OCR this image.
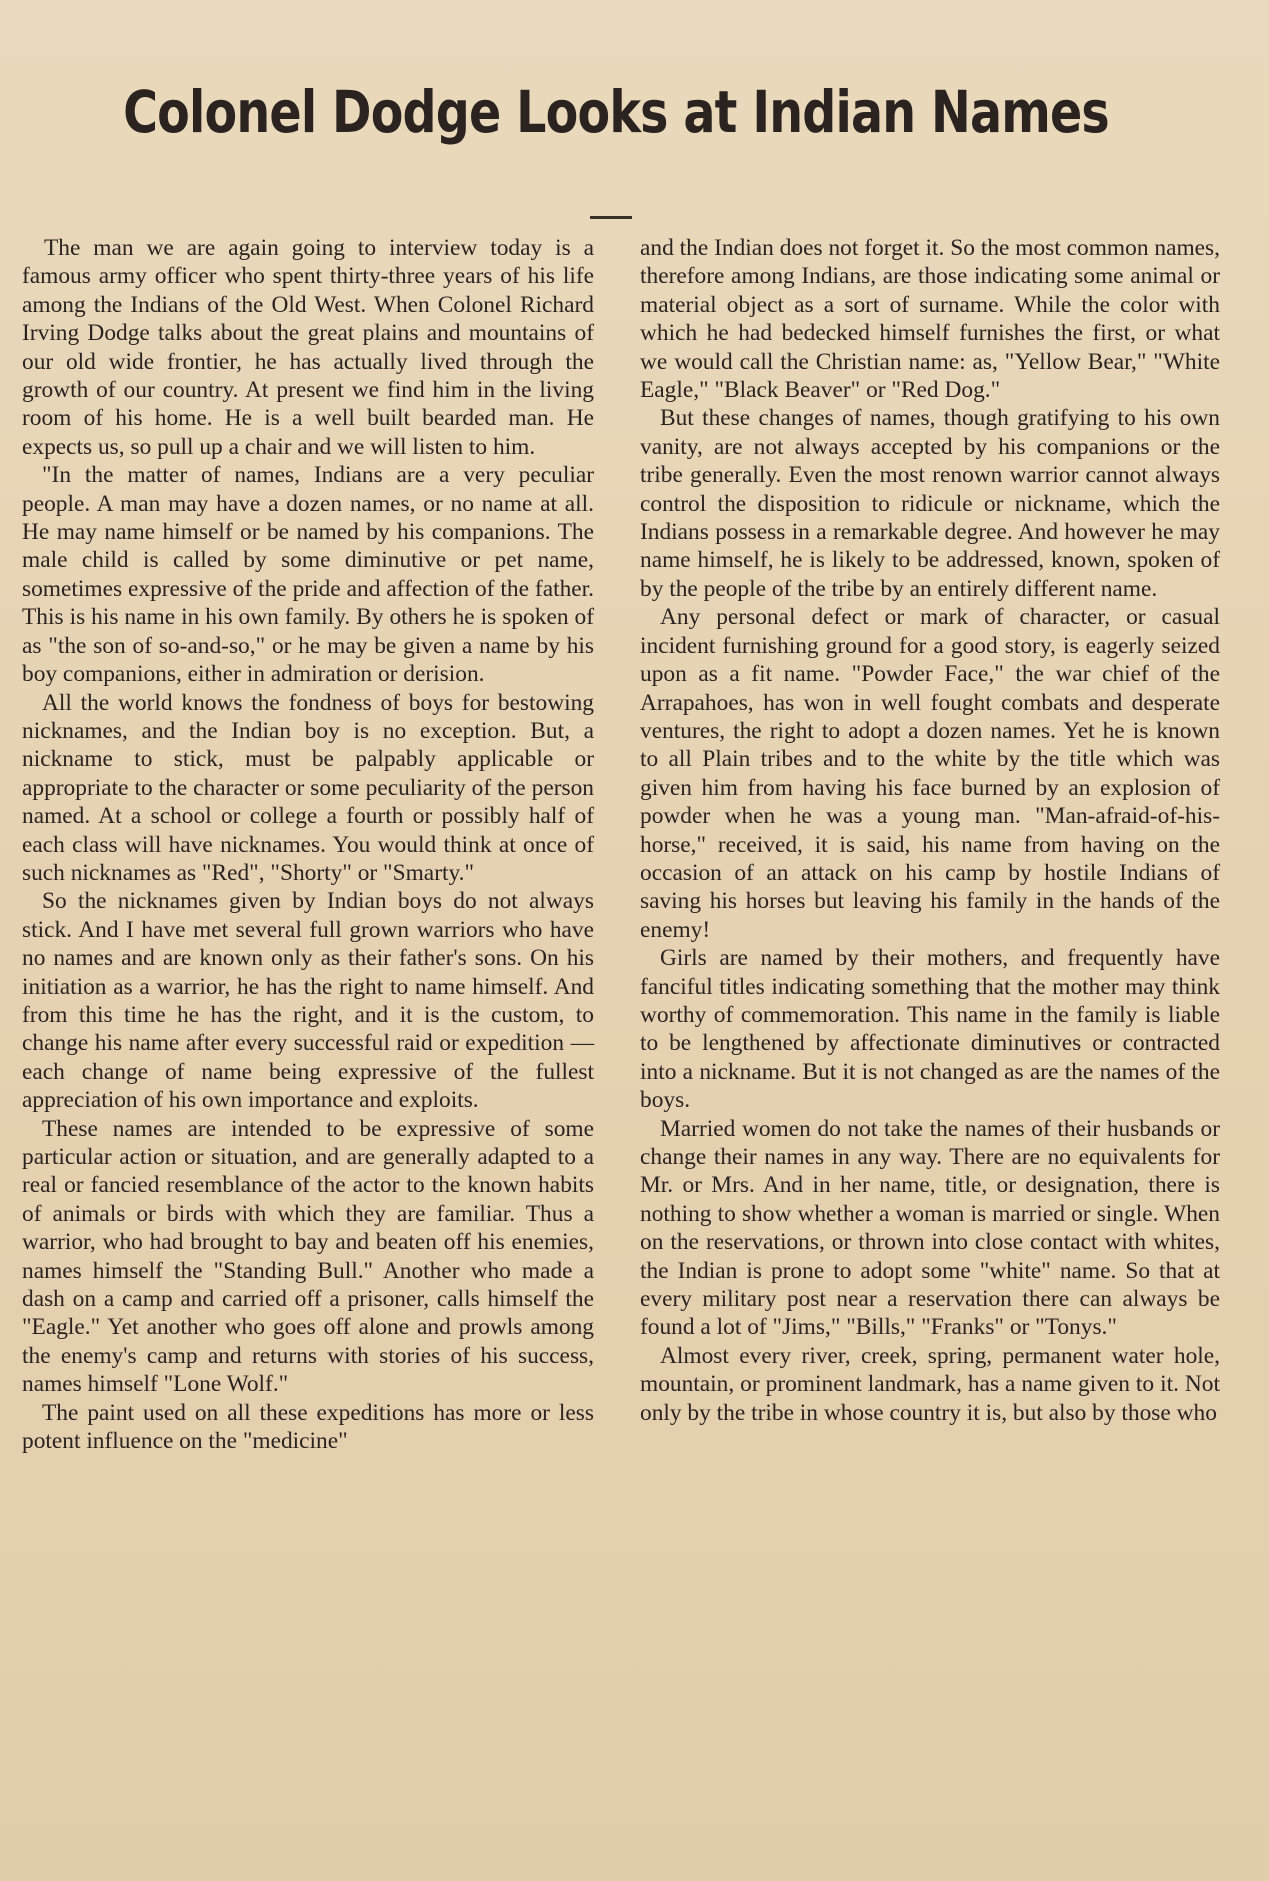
Colonel Dodge Looks at Indian Names

The man we are again going to interview today is a famous army officer who spent thirty-three years of his life among the Indians of the Old West. When Colonel Richard Irving Dodge talks about the great plains and mountains of our old wide frontier, he has actually lived through the growth of our country. At present we find him in the living room of his home. He is a well built bearded man. He expects us, so pull up a chair and we will listen to him.

"In the matter of names, Indians are a very peculiar people. A man may have a dozen names, or no name at all. He may name himself or be named by his companions. The male child is called by some diminutive or pet name, sometimes expressive of the pride and affection of the father. This is his name in his own family. By others he is spoken of as "the son of so-and-so," or he may be given a name by his boy companions, either in admiration or derision.

All the world knows the fondness of boys for bestowing nicknames, and the Indian boy is no exception. But, a nickname to stick, must be palpably applicable or appropriate to the character or some peculiarity of the person named. At a school or college a fourth or possibly half of each class will have nicknames. You would think at once of such nicknames as "Red", "Shorty" or "Smarty."

So the nicknames given by Indian boys do not always stick. And I have met several full grown warriors who have no names and are known only as their father's sons. On his initiation as a warrior, he has the right to name himself. And from this time he has the right, and it is the custom, to change his name after every successful raid or expedition — each change of name being expressive of the fullest appreciation of his own importance and exploits.

These names are intended to be expressive of some particular action or situation, and are generally adapted to a real or fancied resemblance of the actor to the known habits of animals or birds with which they are familiar. Thus a warrior, who had brought to bay and beaten off his enemies, names himself the "Standing Bull." Another who made a dash on a camp and carried off a prisoner, calls himself the "Eagle." Yet another who goes off alone and prowls among the enemy's camp and returns with stories of his success, names himself "Lone Wolf."

The paint used on all these expeditions has more or less potent influence on the "medicine"

and the Indian does not forget it. So the most common names, therefore among Indians, are those indicating some animal or material object as a sort of surname. While the color with which he had bedecked himself furnishes the first, or what we would call the Christian name: as, "Yellow Bear," "White Eagle," "Black Beaver" or "Red Dog."

But these changes of names, though gratifying to his own vanity, are not always accepted by his companions or the tribe generally. Even the most renown warrior cannot always control the disposition to ridicule or nickname, which the Indians possess in a remarkable degree. And however he may name himself, he is likely to be addressed, known, spoken of by the people of the tribe by an entirely different name.

Any personal defect or mark of character, or casual incident furnishing ground for a good story, is eagerly seized upon as a fit name. "Powder Face," the war chief of the Arrapahoes, has won in well fought combats and desperate ventures, the right to adopt a dozen names. Yet he is known to all Plain tribes and to the white by the title which was given him from having his face burned by an explosion of powder when he was a young man. "Man-afraid-of-his-horse," received, it is said, his name from having on the occasion of an attack on his camp by hostile Indians of saving his horses but leaving his family in the hands of the enemy!

Girls are named by their mothers, and frequently have fanciful titles indicating something that the mother may think worthy of commemoration. This name in the family is liable to be lengthened by affectionate diminutives or contracted into a nickname. But it is not changed as are the names of the boys.

Married women do not take the names of their husbands or change their names in any way. There are no equivalents for Mr. or Mrs. And in her name, title, or designation, there is nothing to show whether a woman is married or single. When on the reservations, or thrown into close contact with whites, the Indian is prone to adopt some "white" name. So that at every military post near a reservation there can always be found a lot of "Jims," "Bills," "Franks" or "Tonys."

Almost every river, creek, spring, permanent water hole, mountain, or prominent landmark, has a name given to it. Not only by the tribe in whose country it is, but also by those who
